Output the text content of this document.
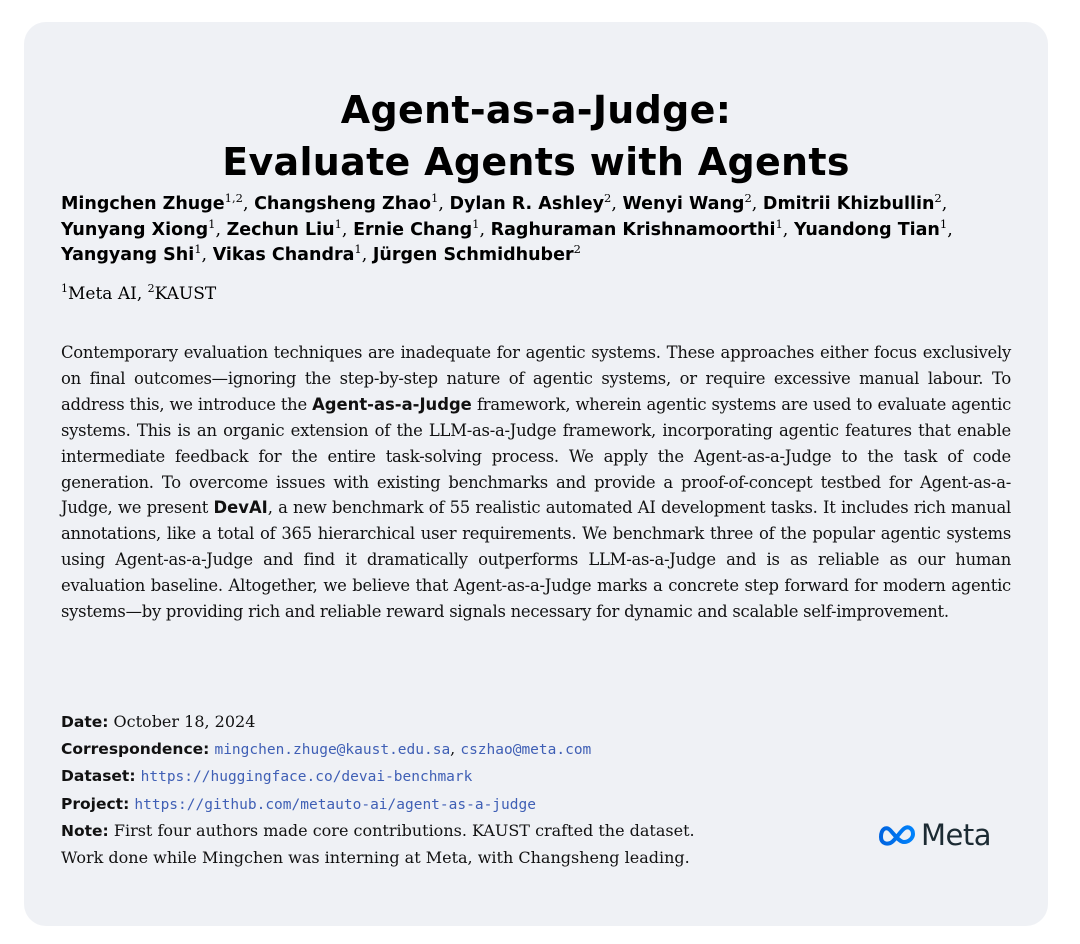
Agent-as-a-Judge:
Evaluate Agents with Agents
Mingchen Zhuge$^{1,2}$, Changsheng Zhao$^1$, Dylan R. Ashley$^2$, Wenyi Wang$^2$, Dmitrii Khizbullin$^2$,
Yunyang Xiong$^1$, Zechun Liu$^1$, Ernie Chang$^1$, Raghuraman Krishnamoorthi$^1$, Yuandong Tian$^1$,
Yangyang Shi$^1$, Vikas Chandra$^1$, Jürgen Schmidhuber$^2$
$^1$Meta AI, $^2$KAUST
Contemporary evaluation techniques are inadequate for agentic systems. These approaches either focus exclusively on final outcomes—ignoring the step-by-step nature of agentic systems, or require excessive manual labour. To address this, we introduce the Agent-as-a-Judge framework, wherein agentic systems are used to evaluate agentic systems. This is an organic extension of the LLM-as-a-Judge framework, incorporating agentic features that enable intermediate feedback for the entire task-solving process. We apply the Agent-as-a-Judge to the task of code generation. To overcome issues with existing benchmarks and provide a proof-of-concept testbed for Agent-as-a-Judge, we present DevAI, a new benchmark of 55 realistic automated AI development tasks. It includes rich manual annotations, like a total of 365 hierarchical user requirements. We benchmark three of the popular agentic systems using Agent-as-a-Judge and find it dramatically outperforms LLM-as-a-Judge and is as reliable as our human evaluation baseline. Altogether, we believe that Agent-as-a-Judge marks a concrete step forward for modern agentic systems—by providing rich and reliable reward signals necessary for dynamic and scalable self-improvement.
Date: October 18, 2024
Correspondence: mingchen.zhuge@kaust.edu.sa, cszhao@meta.com
Dataset: https://huggingface.co/devai-benchmark
Project: https://github.com/metauto-ai/agent-as-a-judge
Note: First four authors made core contributions. KAUST crafted the dataset.
Work done while Mingchen was interning at Meta, with Changsheng leading.
Meta
